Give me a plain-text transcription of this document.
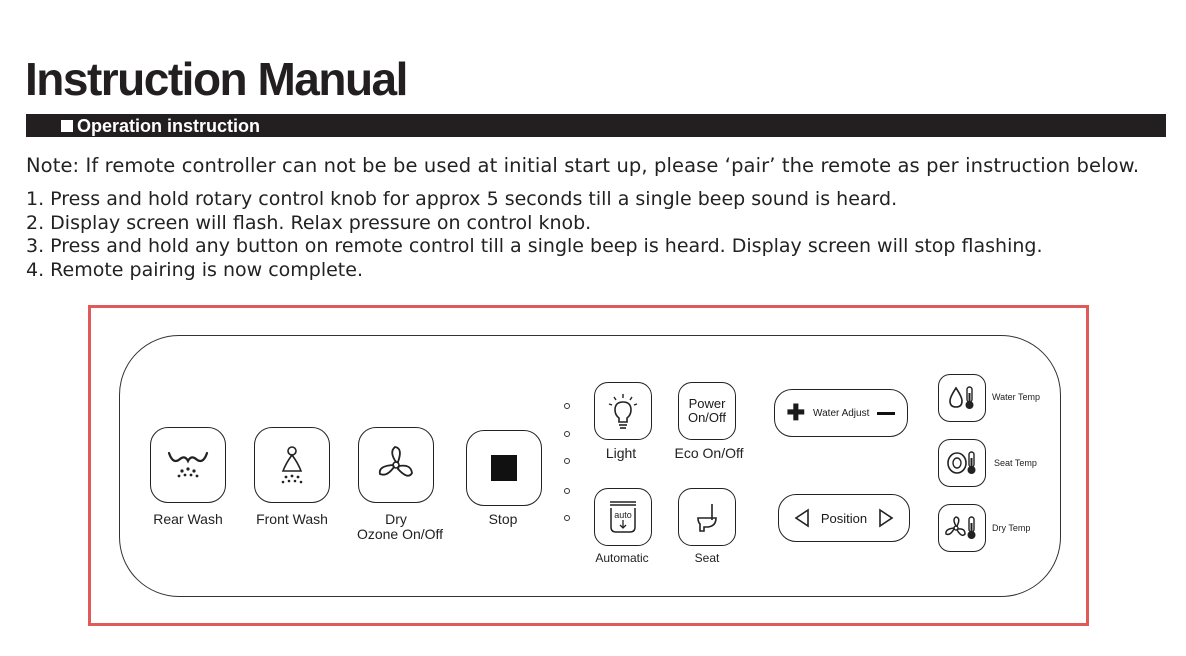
Instruction Manual
Operation instruction
Note: If remote controller can not be be used at initial start up, please ‘pair’ the remote as per instruction below.
1. Press and hold rotary control knob for approx 5 seconds till a single beep sound is heard.
2. Display screen will flash. Relax pressure on control knob.
3. Press and hold any button on remote control till a single beep is heard. Display screen will stop flashing.
4. Remote pairing is now complete.
Rear Wash Front Wash	Dry
Ozone On/Off
Stop
Light
Power
On/Off
Eco On/Off
auto
Automatic	Seat
✚ Water Adjust
Position
Water Temp
Seat Temp
Dry Temp
